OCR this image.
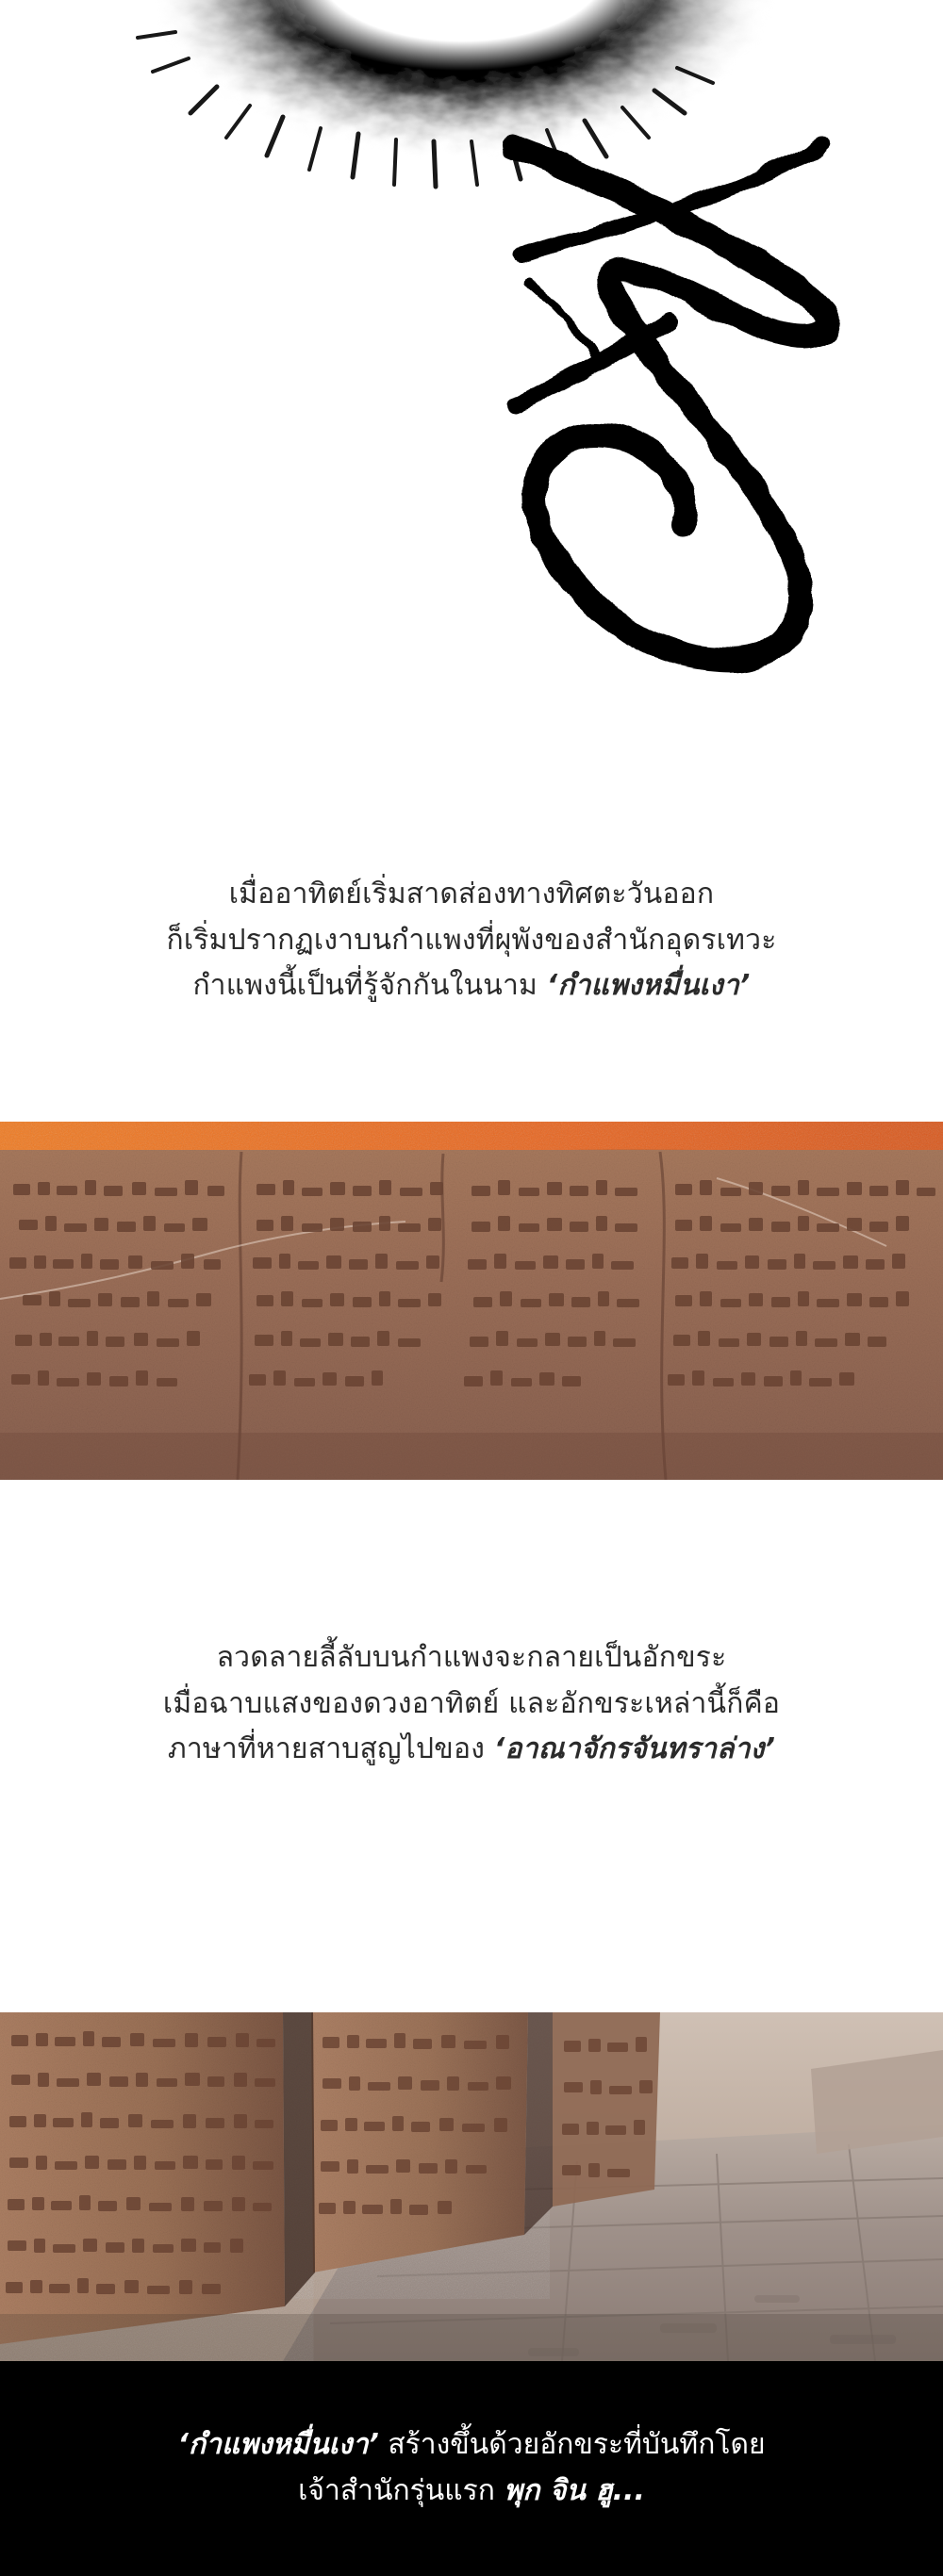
เมื่ออาทิตย์เริ่มสาดส่องทางทิศตะวันออก
ก็เริ่มปรากฏเงาบนกำแพงที่ผุพังของสำนักอุดรเทวะ
กำแพงนี้เป็นที่รู้จักกันในนาม ‘กำแพงหมื่นเงา’
ลวดลายลี้ลับบนกำแพงจะกลายเป็นอักขระ
เมื่อฉาบแสงของดวงอาทิตย์ และอักขระเหล่านี้ก็คือ
ภาษาที่หายสาบสูญไปของ ‘อาณาจักรจันทราล่าง’
‘กำแพงหมื่นเงา’ สร้างขึ้นด้วยอักขระที่บันทึกโดย
เจ้าสำนักรุ่นแรก พุก จิน ฮู...
